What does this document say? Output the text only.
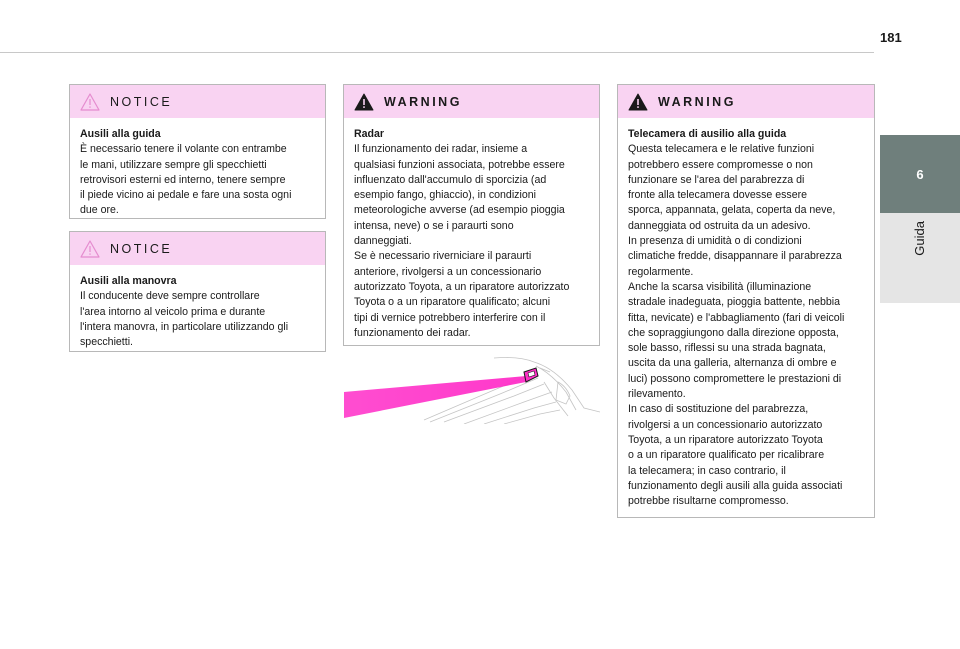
181
6
Guida
NOTICE

Ausili alla guida

È necessario tenere il volante con entrambe

le mani, utilizzare sempre gli specchietti

retrovisori esterni ed interno, tenere sempre

il piede vicino ai pedale e fare una sosta ogni

due ore.

NOTICE

Ausili alla manovra

Il conducente deve sempre controllare

l'area intorno al veicolo prima e durante

l'intera manovra, in particolare utilizzando gli

specchietti.

WARNING

Radar

Il funzionamento dei radar, insieme a

qualsiasi funzioni associata, potrebbe essere

influenzato dall'accumulo di sporcizia (ad

esempio fango, ghiaccio), in condizioni

meteorologiche avverse (ad esempio pioggia

intensa, neve) o se i paraurti sono

danneggiati.

Se è necessario riverniciare il paraurti

anteriore, rivolgersi a un concessionario

autorizzato Toyota, a un riparatore autorizzato

Toyota o a un riparatore qualificato; alcuni

tipi di vernice potrebbero interferire con il

funzionamento dei radar.

WARNING

Telecamera di ausilio alla guida

Questa telecamera e le relative funzioni

potrebbero essere compromesse o non

funzionare se l'area del parabrezza di

fronte alla telecamera dovesse essere

sporca, appannata, gelata, coperta da neve,

danneggiata od ostruita da un adesivo.

In presenza di umidità o di condizioni

climatiche fredde, disappannare il parabrezza

regolarmente.

Anche la scarsa visibilità (illuminazione

stradale inadeguata, pioggia battente, nebbia

fitta, nevicate) e l'abbagliamento (fari di veicoli

che sopraggiungono dalla direzione opposta,

sole basso, riflessi su una strada bagnata,

uscita da una galleria, alternanza di ombre e

luci) possono compromettere le prestazioni di

rilevamento.

In caso di sostituzione del parabrezza,

rivolgersi a un concessionario autorizzato

Toyota, a un riparatore autorizzato Toyota

o a un riparatore qualificato per ricalibrare

la telecamera; in caso contrario, il

funzionamento degli ausili alla guida associati

potrebbe risultarne compromesso.
